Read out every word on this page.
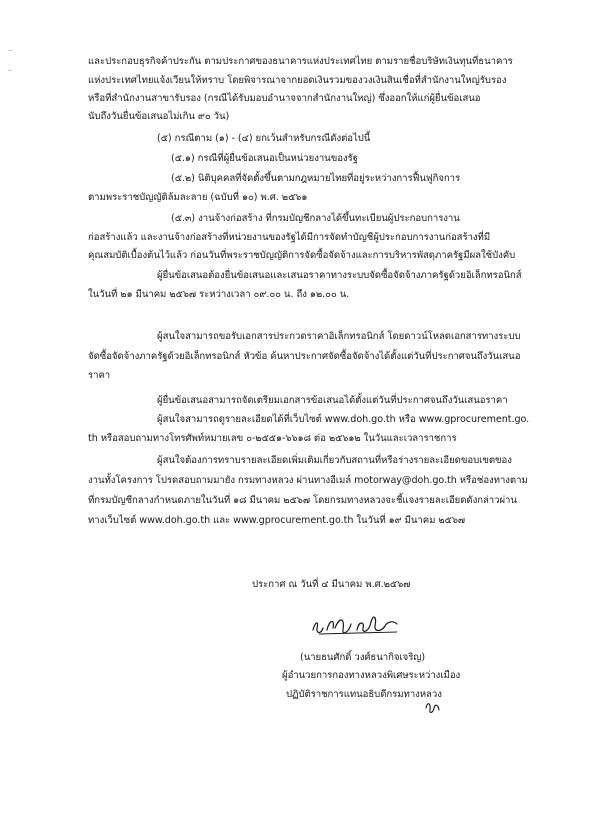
และประกอบธุรกิจค้าประกัน ตามประกาศของธนาคารแห่งประเทศไทย ตามรายชื่อบริษัทเงินทุนที่ธนาคาร
แห่งประเทศไทยแจ้งเวียนให้ทราบ โดยพิจารณาจากยอดเงินรวมของวงเงินสินเชื่อที่สำนักงานใหญ่รับรอง
หรือที่สำนักงานสาขารับรอง (กรณีได้รับมอบอำนาจจากสำนักงานใหญ่) ซึ่งออกให้แก่ผู้ยื่นข้อเสนอ
นับถึงวันยื่นข้อเสนอไม่เกิน ๙๐ วัน)
(๕) กรณีตาม (๑) - (๔) ยกเว้นสำหรับกรณีดังต่อไปนี้
(๕.๑) กรณีที่ผู้ยื่นข้อเสนอเป็นหน่วยงานของรัฐ
(๕.๒) นิติบุคคลที่จัดตั้งขึ้นตามกฎหมายไทยที่อยู่ระหว่างการฟื้นฟูกิจการ
ตามพระราชบัญญัติล้มละลาย (ฉบับที่ ๑๐) พ.ศ. ๒๕๖๑
(๕.๓) งานจ้างก่อสร้าง ที่กรมบัญชีกลางได้ขึ้นทะเบียนผู้ประกอบการงาน
ก่อสร้างแล้ว และงานจ้างก่อสร้างที่หน่วยงานของรัฐได้มีการจัดทำบัญชีผู้ประกอบการงานก่อสร้างที่มี
คุณสมบัติเบื้องต้นไว้แล้ว ก่อนวันที่พระราชบัญญัติการจัดซื้อจัดจ้างและการบริหารพัสดุภาครัฐมีผลใช้บังคับ
ผู้ยื่นข้อเสนอต้องยื่นข้อเสนอและเสนอราคาทางระบบจัดซื้อจัดจ้างภาครัฐด้วยอิเล็กทรอนิกส์
ในวันที่ ๒๑ มีนาคม ๒๕๖๗ ระหว่างเวลา ๐๙.๐๐ น. ถึง ๑๒.๐๐ น.
ผู้สนใจสามารถขอรับเอกสารประกวดราคาอิเล็กทรอนิกส์ โดยดาวน์โหลดเอกสารทางระบบ
จัดซื้อจัดจ้างภาครัฐด้วยอิเล็กทรอนิกส์ หัวข้อ ค้นหาประกาศจัดซื้อจัดจ้างได้ตั้งแต่วันที่ประกาศจนถึงวันเสนอ
ราคา
ผู้ยื่นข้อเสนอสามารถจัดเตรียมเอกสารข้อเสนอได้ตั้งแต่วันที่ประกาศจนถึงวันเสนอราคา
ผู้สนใจสามารถดูรายละเอียดได้ที่เว็บไซต์ www.doh.go.th หรือ www.gprocurement.go.
th หรือสอบถามทางโทรศัพท์หมายเลข ๐-๒๕๕๑-๖๖๑๘ ต่อ ๒๕๖๑๒ ในวันและเวลาราชการ
ผู้สนใจต้องการทราบรายละเอียดเพิ่มเติมเกี่ยวกับสถานที่หรือร่างรายละเอียดขอบเขตของ
งานทั้งโครงการ โปรดสอบถามมายัง กรมทางหลวง ผ่านทางอีเมล์ motorway@doh.go.th หรือช่องทางตาม
ที่กรมบัญชีกลางกำหนดภายในวันที่ ๑๘ มีนาคม ๒๕๖๗ โดยกรมทางหลวงจะชี้แจงรายละเอียดดังกล่าวผ่าน
ทางเว็บไซต์ www.doh.go.th และ www.gprocurement.go.th ในวันที่ ๑๙ มีนาคม ๒๕๖๗
ประกาศ ณ วันที่ ๔ มีนาคม พ.ศ.๒๕๖๗
(นายธนศักดิ์ วงศ์ธนากิจเจริญ)
ผู้อำนวยการกองทางหลวงพิเศษระหว่างเมือง
ปฏิบัติราชการแทนอธิบดีกรมทางหลวง
